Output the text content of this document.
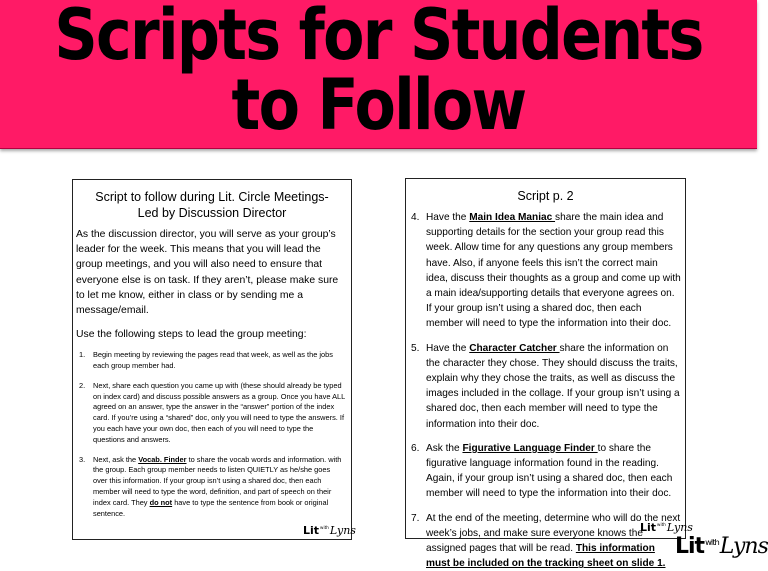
Scripts for Students
to Follow
Script to follow during Lit. Circle Meetings-
Led by Discussion Director
As the discussion director, you will serve as your group’s leader for the week. This means that you will lead the group meetings, and you will also need to ensure that everyone else is on task. If they aren’t, please make sure to let me know, either in class or by sending me a message/email.
Use the following steps to lead the group meeting:
1. Begin meeting by reviewing the pages read that week, as well as the jobs each group member had.
2. Next, share each question you came up with (these should already be typed on index card) and discuss possible answers as a group. Once you have ALL agreed on an answer, type the answer in the “answer” portion of the index card. If you’re using a “shared” doc, only you will need to type the answers. If you each have your own doc, then each of you will need to type the questions and answers.
3. Next, ask the Vocab. Finder to share the vocab words and information. with the group. Each group member needs to listen QUIETLY as he/she goes over this information. If your group isn’t using a shared doc, then each member will need to type the word, definition, and part of speech on their index card. They do not have to type the sentence from book or original sentence.
Lit$^{with}$Lyns
Script p. 2
4. Have the Main Idea Maniac share the main idea and supporting details for the section your group read this week. Allow time for any questions any group members have. Also, if anyone feels this isn’t the correct main idea, discuss their thoughts as a group and come up with a main idea/supporting details that everyone agrees on. If your group isn’t using a shared doc, then each member will need to type the information into their doc.
5. Have the Character Catcher share the information on the character they chose. They should discuss the traits, explain why they chose the traits, as well as discuss the images included in the collage. If your group isn’t using a shared doc, then each member will need to type the information into their doc.
6. Ask the Figurative Language Finder to share the figurative language information found in the reading. Again, if your group isn’t using a shared doc, then each member will need to type the information into their doc.
7. At the end of the meeting, determine who will do the next week’s jobs, and make sure everyone knows the assigned pages that will be read. This information must be included on the tracking sheet on slide 1.
Lit$^{with}$Lyns
Lit$^{with}$Lyns
